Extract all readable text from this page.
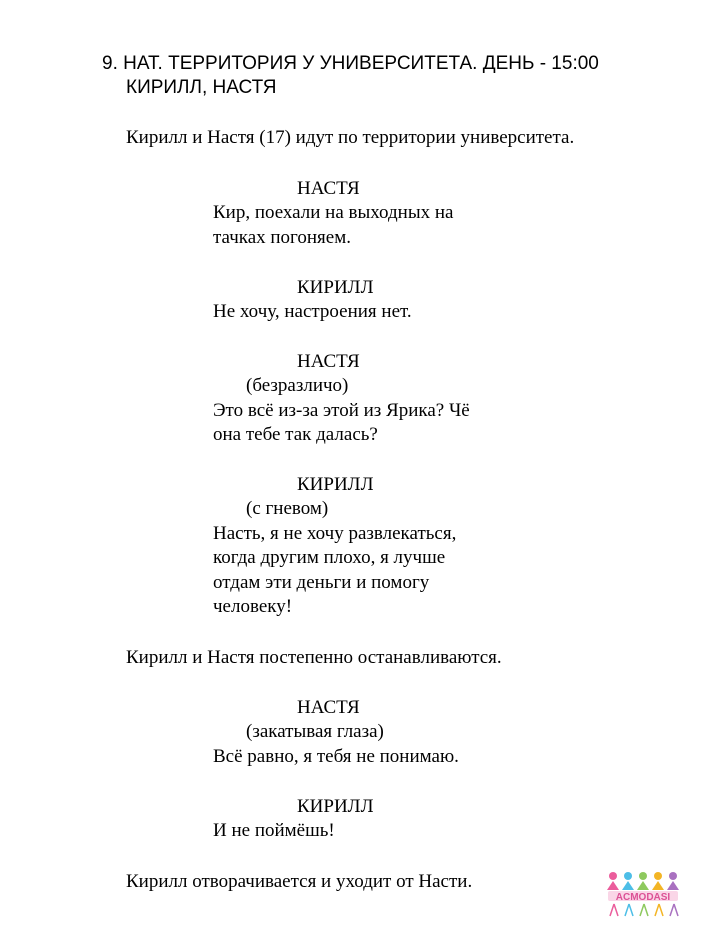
9. НАТ. ТЕРРИТОРИЯ У УНИВЕРСИТЕТА. ДЕНЬ - 15:00
КИРИЛЛ, НАСТЯ
Кирилл и Настя (17) идут по территории университета.
НАСТЯ
Кир, поехали на выходных на
тачках погоняем.
КИРИЛЛ
Не хочу, настроения нет.
НАСТЯ
(безразличо)
Это всё из-за этой из Ярика? Чё
она тебе так далась?
КИРИЛЛ
(с гневом)
Насть, я не хочу развлекаться,
когда другим плохо, я лучше
отдам эти деньги и помогу
человеку!
Кирилл и Настя постепенно останавливаются.
НАСТЯ
(закатывая глаза)
Всё равно, я тебя не понимаю.
КИРИЛЛ
И не поймёшь!
Кирилл отворачивается и уходит от Насти.
ACMODASI
